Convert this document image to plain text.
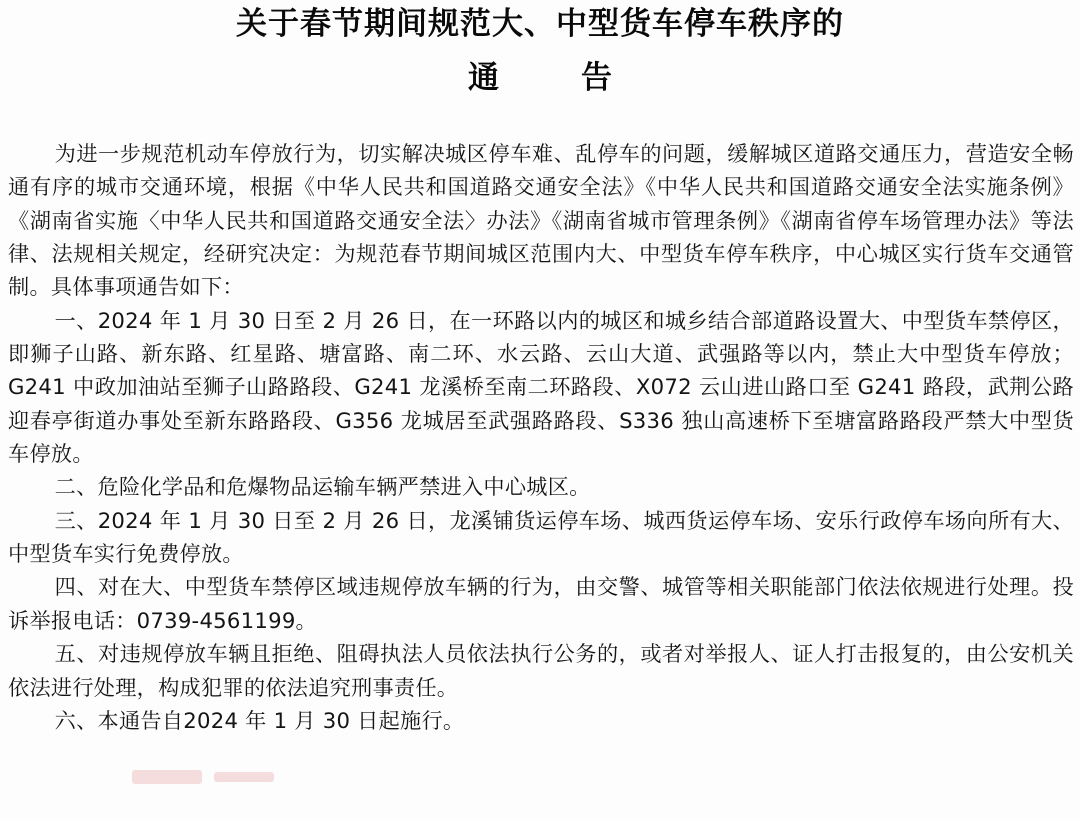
关于春节期间规范大、中型货车停车秩序的
通	告

为进一步规范机动车停放行为，切实解决城区停车难、乱停车的问题，缓解城区道路交通压力，营造安全畅通有序的城市交通环境，根据《中华人民共和国道路交通安全法》《中华人民共和国道路交通安全法实施条例》《湖南省实施〈中华人民共和国道路交通安全法〉办法》《湖南省城市管理条例》《湖南省停车场管理办法》等法律、法规相关规定，经研究决定：为规范春节期间城区范围内大、中型货车停车秩序，中心城区实行货车交通管制。具体事项通告如下：

一、2024 年 1 月 30 日至 2 月 26 日，在一环路以内的城区和城乡结合部道路设置大、中型货车禁停区，即狮子山路、新东路、红星路、塘富路、南二环、水云路、云山大道、武强路等以内，禁止大中型货车停放；G241 中政加油站至狮子山路路段、G241 龙溪桥至南二环路段、X072 云山进山路口至 G241 路段，武荆公路迎春亭街道办事处至新东路路段、G356 龙城居至武强路路段、S336 独山高速桥下至塘富路路段严禁大中型货车停放。

二、危险化学品和危爆物品运输车辆严禁进入中心城区。

三、2024 年 1 月 30 日至 2 月 26 日，龙溪铺货运停车场、城西货运停车场、安乐行政停车场向所有大、中型货车实行免费停放。

四、对在大、中型货车禁停区域违规停放车辆的行为，由交警、城管等相关职能部门依法依规进行处理。投诉举报电话：0739-4561199。

五、对违规停放车辆且拒绝、阻碍执法人员依法执行公务的，或者对举报人、证人打击报复的，由公安机关依法进行处理，构成犯罪的依法追究刑事责任。

六、本通告自2024 年 1 月 30 日起施行。
